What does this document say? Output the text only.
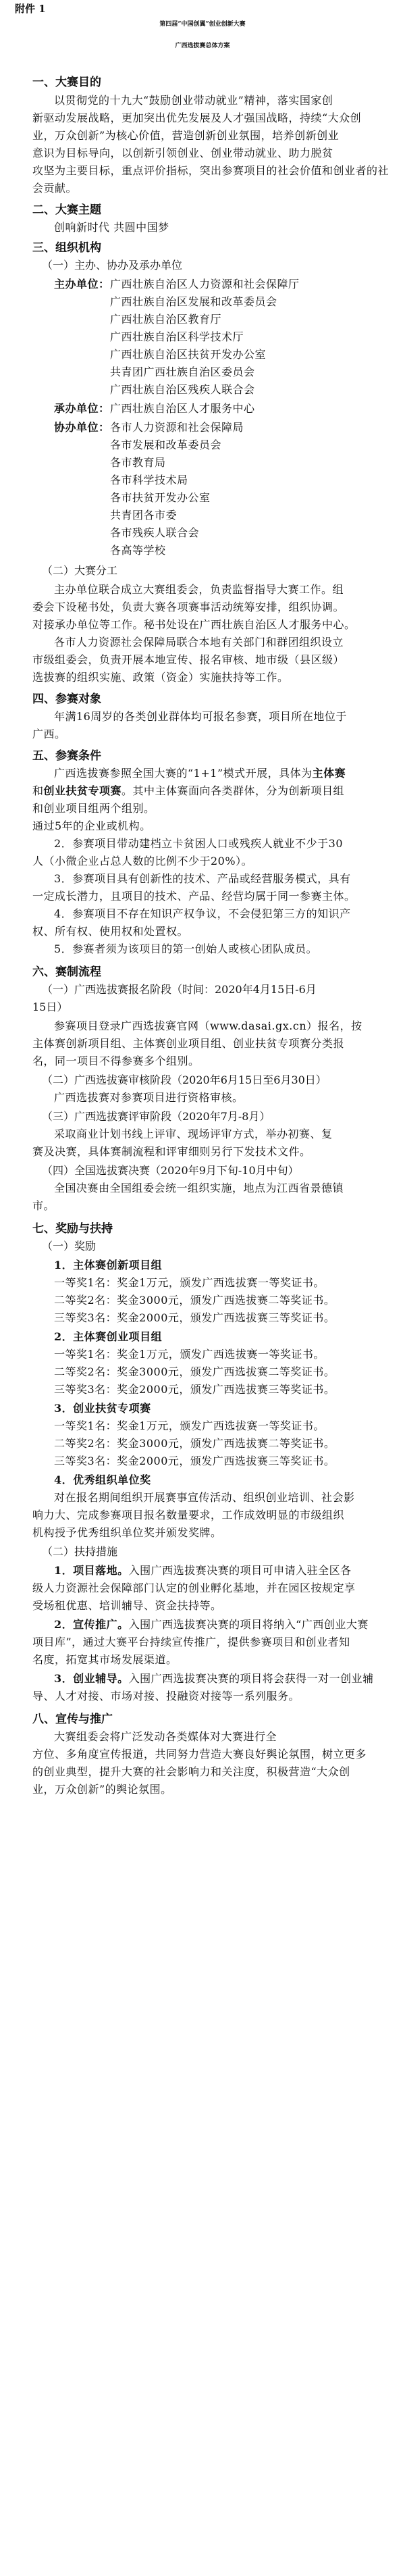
附件 1
第四届“中国创翼”创业创新大赛
广西选拔赛总体方案
一、大赛目的
以贯彻党的十九大“鼓励创业带动就业”精神，落实国家创
新驱动发展战略，更加突出优先发展及人才强国战略，持续“大众创
业，万众创新”为核心价值，营造创新创业氛围，培养创新创业
意识为目标导向，以创新引领创业、创业带动就业、助力脱贫
攻坚为主要目标，重点评价指标，突出参赛项目的社会价值和创业者的社
会贡献。
二、大赛主题
创响新时代 共圆中国梦
三、组织机构
（一）主办、协办及承办单位
主办单位： 广西壮族自治区人力资源和社会保障厅
广西壮族自治区发展和改革委员会
广西壮族自治区教育厅
广西壮族自治区科学技术厅
广西壮族自治区扶贫开发办公室
共青团广西壮族自治区委员会
广西壮族自治区残疾人联合会
承办单位： 广西壮族自治区人才服务中心
协办单位： 各市人力资源和社会保障局
各市发展和改革委员会
各市教育局
各市科学技术局
各市扶贫开发办公室
共青团各市委
各市残疾人联合会
各高等学校
（二）大赛分工
主办单位联合成立大赛组委会，负责监督指导大赛工作。组
委会下设秘书处，负责大赛各项赛事活动统筹安排，组织协调。
对接承办单位等工作。秘书处设在广西壮族自治区人才服务中心。
各市人力资源社会保障局联合本地有关部门和群团组织设立
市级组委会，负责开展本地宣传、报名审核、地市级（县区级）
选拔赛的组织实施、政策（资金）实施扶持等工作。
四、参赛对象
年满16周岁的各类创业群体均可报名参赛，项目所在地位于
广西。
五、参赛条件
广西选拔赛参照全国大赛的“1+1”模式开展，具体为主体赛
和创业扶贫专项赛。其中主体赛面向各类群体，分为创新项目组
和创业项目组两个组别。
通过5年的企业或机构。
2．参赛项目带动建档立卡贫困人口或残疾人就业不少于30
人（小微企业占总人数的比例不少于20%）。
3．参赛项目具有创新性的技术、产品或经营服务模式，具有
一定成长潜力，且项目的技术、产品、经营均属于同一参赛主体。
4．参赛项目不存在知识产权争议，不会侵犯第三方的知识产
权、所有权、使用权和处置权。
5．参赛者须为该项目的第一创始人或核心团队成员。
六、赛制流程
（一）广西选拔赛报名阶段（时间：2020年4月15日-6月
15日）
参赛项目登录广西选拔赛官网（www.dasai.gx.cn）报名，按
主体赛创新项目组、主体赛创业项目组、创业扶贫专项赛分类报
名，同一项目不得参赛多个组别。
（二）广西选拔赛审核阶段（2020年6月15日至6月30日）
广西选拔赛对参赛项目进行资格审核。
（三）广西选拔赛评审阶段（2020年7月-8月）
采取商业计划书线上评审、现场评审方式，举办初赛、复
赛及决赛，具体赛制流程和评审细则另行下发技术文件。
（四）全国选拔赛决赛（2020年9月下旬-10月中旬）
全国决赛由全国组委会统一组织实施，地点为江西省景德镇
市。
七、奖励与扶持
（一）奖励
1．主体赛创新项目组
一等奖1名：奖金1万元，颁发广西选拔赛一等奖证书。
二等奖2名：奖金3000元，颁发广西选拔赛二等奖证书。
三等奖3名：奖金2000元，颁发广西选拔赛三等奖证书。
2．主体赛创业项目组
一等奖1名：奖金1万元，颁发广西选拔赛一等奖证书。
二等奖2名：奖金3000元，颁发广西选拔赛二等奖证书。
三等奖3名：奖金2000元，颁发广西选拔赛三等奖证书。
3．创业扶贫专项赛
一等奖1名：奖金1万元，颁发广西选拔赛一等奖证书。
二等奖2名：奖金3000元，颁发广西选拔赛二等奖证书。
三等奖3名：奖金2000元，颁发广西选拔赛三等奖证书。
4．优秀组织单位奖
对在报名期间组织开展赛事宣传活动、组织创业培训、社会影
响力大、完成参赛项目报名数量要求，工作成效明显的市级组织
机构授予优秀组织单位奖并颁发奖牌。
（二）扶持措施
1．项目落地。入围广西选拔赛决赛的项目可申请入驻全区各
级人力资源社会保障部门认定的创业孵化基地，并在园区按规定享
受场租优惠、培训辅导、资金扶持等。
2．宣传推广。入围广西选拔赛决赛的项目将纳入“广西创业大赛
项目库”，通过大赛平台持续宣传推广，提供参赛项目和创业者知
名度，拓宽其市场发展渠道。
3．创业辅导。入围广西选拔赛决赛的项目将会获得一对一创业辅
导、人才对接、市场对接、投融资对接等一系列服务。
八、宣传与推广
大赛组委会将广泛发动各类媒体对大赛进行全
方位、多角度宣传报道，共同努力营造大赛良好舆论氛围，树立更多
的创业典型，提升大赛的社会影响力和关注度，积极营造“大众创
业，万众创新”的舆论氛围。
